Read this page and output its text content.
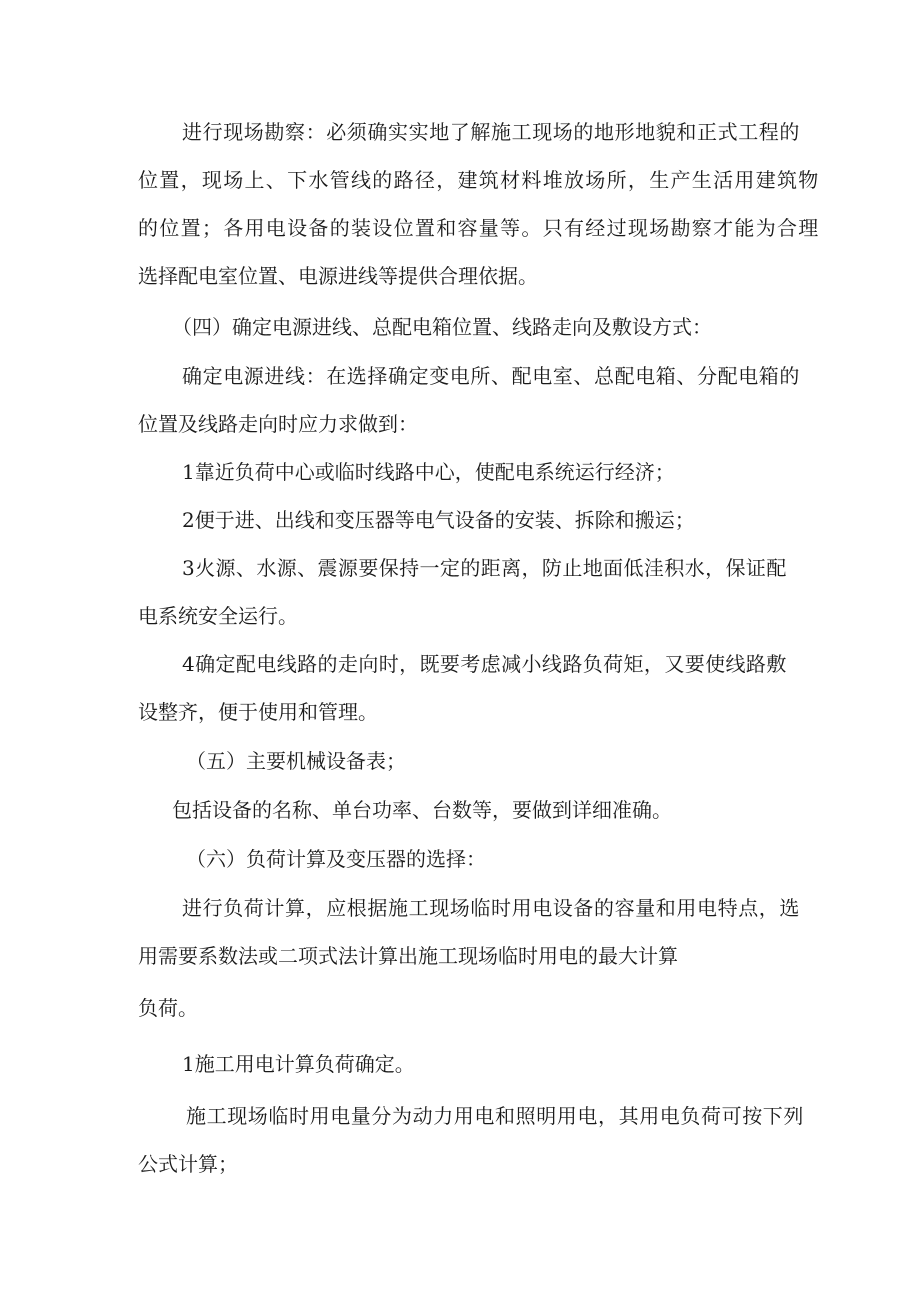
进行现场勘察：必须确实实地了解施工现场的地形地貌和正式工程的
位置，现场上、下水管线的路径，建筑材料堆放场所，生产生活用建筑物
的位置；各用电设备的装设位置和容量等。只有经过现场勘察才能为合理
选择配电室位置、电源进线等提供合理依据。
（四）确定电源进线、总配电箱位置、线路走向及敷设方式：
确定电源进线：在选择确定变电所、配电室、总配电箱、分配电箱的
位置及线路走向时应力求做到：
1靠近负荷中心或临时线路中心，使配电系统运行经济；
2便于进、出线和变压器等电气设备的安装、拆除和搬运；
3火源、水源、震源要保持一定的距离，防止地面低洼积水，保证配
电系统安全运行。
4确定配电线路的走向时，既要考虑减小线路负荷矩，又要使线路敷
设整齐，便于使用和管理。
（五）主要机械设备表；
包括设备的名称、单台功率、台数等，要做到详细准确。
（六）负荷计算及变压器的选择：
进行负荷计算，应根据施工现场临时用电设备的容量和用电特点，选
用需要系数法或二项式法计算出施工现场临时用电的最大计算
负荷。
1施工用电计算负荷确定。
施工现场临时用电量分为动力用电和照明用电，其用电负荷可按下列
公式计算；
